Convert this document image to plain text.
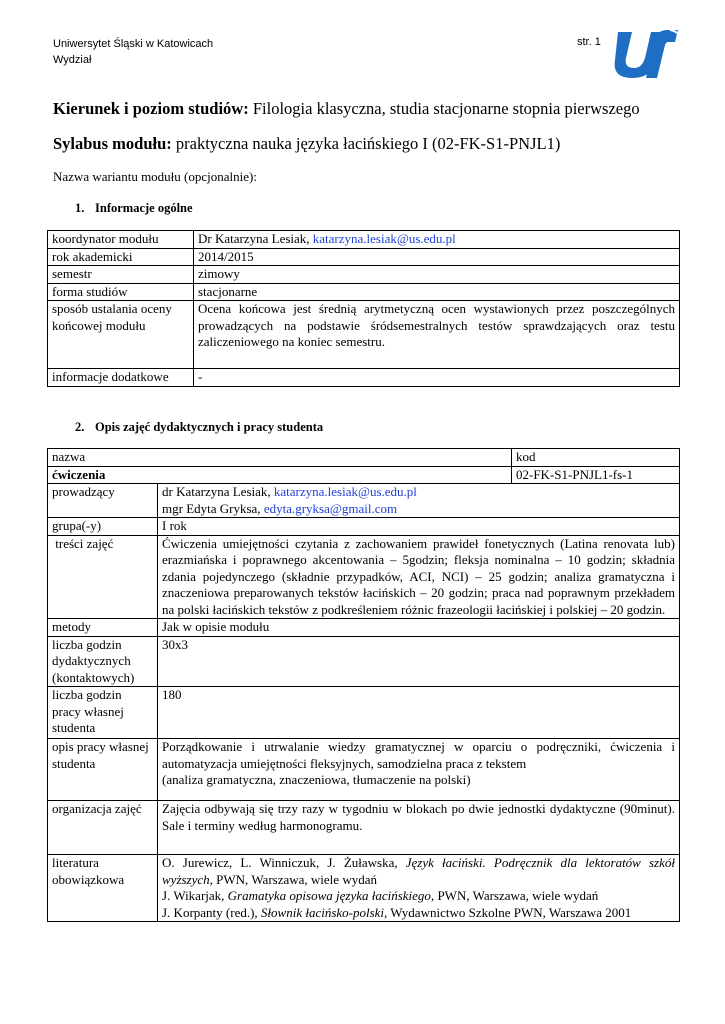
Uniwersytet Śląski w Katowicach
Wydział
str. 1
Kierunek i poziom studiów: Filologia klasyczna, studia stacjonarne stopnia pierwszego
Sylabus modułu: praktyczna nauka języka łacińskiego I (02-FK-S1-PNJL1)
Nazwa wariantu modułu (opcjonalnie):
1. Informacje ogólne
koordynator modułu	Dr Katarzyna Lesiak, katarzyna.lesiak@us.edu.pl
rok akademicki	2014/2015
semestr	zimowy
forma studiów	stacjonarne
sposób ustalania oceny końcowej modułu	Ocena końcowa jest średnią arytmetyczną ocen wystawionych przez poszczególnych prowadzących na podstawie śródsemestralnych testów sprawdzających oraz testu zaliczeniowego na koniec semestru.
informacje dodatkowe	-
2. Opis zajęć dydaktycznych i pracy studenta
nazwa		kod
ćwiczenia		02-FK-S1-PNJL1-fs-1
prowadzący	dr Katarzyna Lesiak, katarzyna.lesiak@us.edu.pl
mgr Edyta Gryksa, edyta.gryksa@gmail.com	
grupa(-y)	I rok	
treści zajęć	Ćwiczenia umiejętności czytania z zachowaniem prawideł fonetycznych (Latina renovata lub) erazmiańska i poprawnego akcentowania – 5godzin; fleksja nominalna – 10 godzin; składnia zdania pojedynczego (składnie przypadków, ACI, NCI) – 25 godzin; analiza gramatyczna i znaczeniowa preparowanych tekstów łacińskich – 20 godzin; praca nad poprawnym przekładem na polski łacińskich tekstów z podkreśleniem różnic frazeologii łacińskiej i polskiej – 20 godzin.	
metody	Jak w opisie modułu	
liczba godzin dydaktycznych (kontaktowych)	30x3	
liczba godzin pracy własnej studenta	180	
opis pracy własnej studenta	Porządkowanie i utrwalanie wiedzy gramatycznej w oparciu o podręczniki, ćwiczenia i automatyzacja umiejętności fleksyjnych, samodzielna praca z tekstem
(analiza gramatyczna, znaczeniowa, tłumaczenie na polski)	
organizacja zajęć	Zajęcia odbywają się trzy razy w tygodniu w blokach po dwie jednostki dydaktyczne (90minut). Sale i terminy według harmonogramu.	
literatura obowiązkowa	O. Jurewicz, L. Winniczuk, J. Żuławska, Język łaciński. Podręcznik dla lektoratów szkół wyższych, PWN, Warszawa, wiele wydań
J. Wikarjak, Gramatyka opisowa języka łacińskiego, PWN, Warszawa, wiele wydań
J. Korpanty (red.), Słownik łacińsko-polski, Wydawnictwo Szkolne PWN, Warszawa 2001	
